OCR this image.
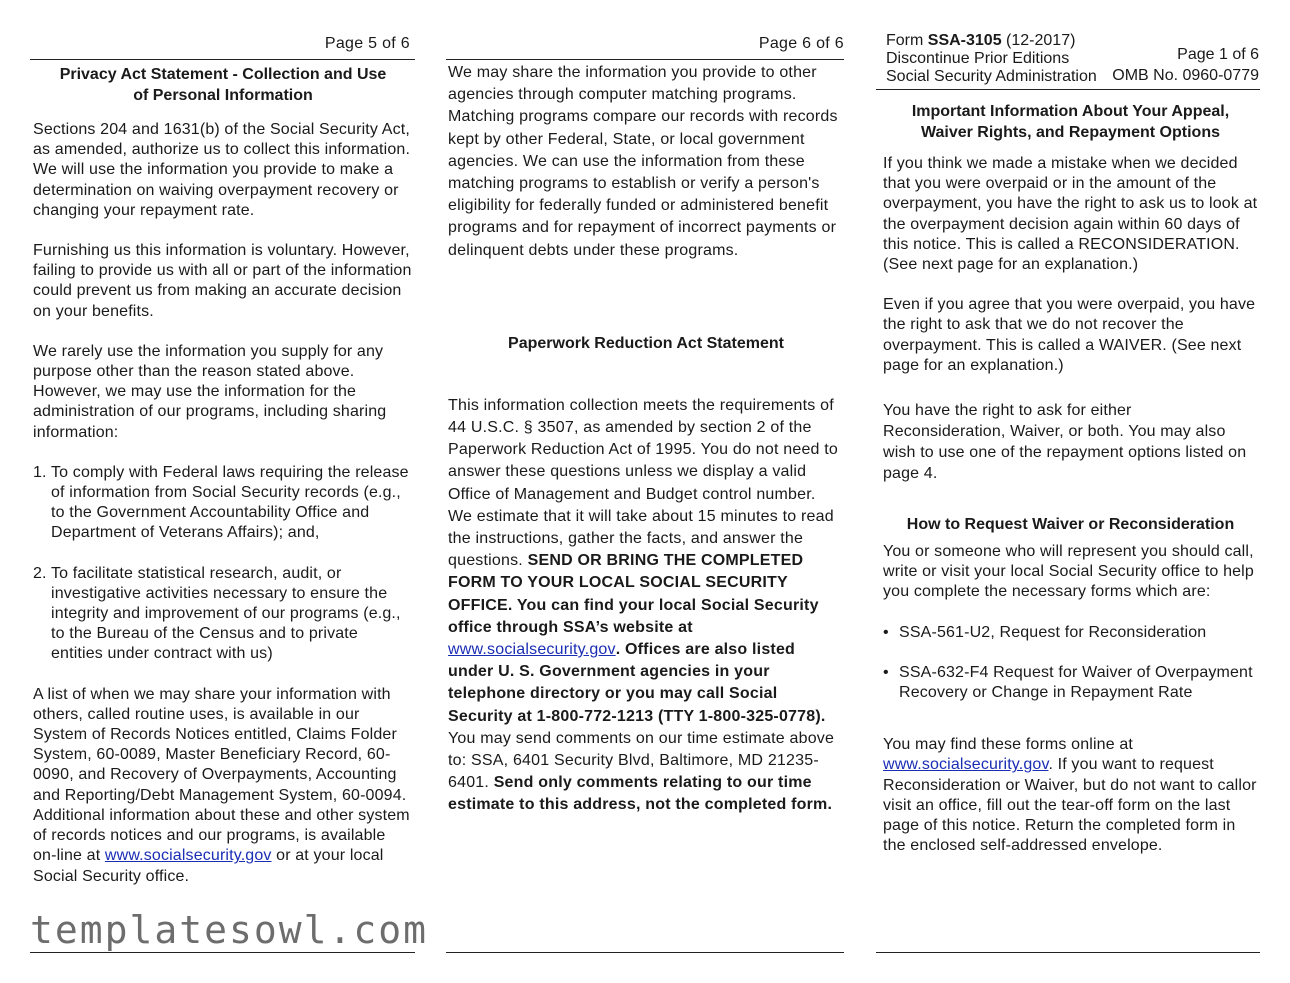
Page 5 of 6
Privacy Act Statement - Collection and Use of Personal Information

Sections 204 and 1631(b) of the Social Security Act, as amended, authorize us to collect this information. We will use the information you provide to make a determination on waiving overpayment recovery or changing your repayment rate.

Furnishing us this information is voluntary. However, failing to provide us with all or part of the information could prevent us from making an accurate decision on your benefits.

We rarely use the information you supply for any purpose other than the reason stated above. However, we may use the information for the administration of our programs, including sharing information:

1. To comply with Federal laws requiring the release of information from Social Security records (e.g., to the Government Accountability Office and Department of Veterans Affairs); and,
2. To facilitate statistical research, audit, or investigative activities necessary to ensure the integrity and improvement of our programs (e.g., to the Bureau of the Census and to private entities under contract with us)

A list of when we may share your information with others, called routine uses, is available in our System of Records Notices entitled, Claims Folder System, 60-0089, Master Beneficiary Record, 60-0090, and Recovery of Overpayments, Accounting and Reporting/Debt Management System, 60-0094. Additional information about these and other system of records notices and our programs, is available on-line at www.socialsecurity.gov or at your local Social Security office.

Page 6 of 6

We may share the information you provide to other agencies through computer matching programs. Matching programs compare our records with records kept by other Federal, State, or local government agencies. We can use the information from these matching programs to establish or verify a person's eligibility for federally funded or administered benefit programs and for repayment of incorrect payments or delinquent debts under these programs.

Paperwork Reduction Act Statement

This information collection meets the requirements of 44 U.S.C. § 3507, as amended by section 2 of the Paperwork Reduction Act of 1995. You do not need to answer these questions unless we display a valid Office of Management and Budget control number. We estimate that it will take about 15 minutes to read the instructions, gather the facts, and answer the questions. SEND OR BRING THE COMPLETED FORM TO YOUR LOCAL SOCIAL SECURITY OFFICE. You can find your local Social Security office through SSA’s website at www.socialsecurity.gov. Offices are also listed under U. S. Government agencies in your telephone directory or you may call Social Security at 1-800-772-1213 (TTY 1-800-325-0778). You may send comments on our time estimate above to: SSA, 6401 Security Blvd, Baltimore, MD 21235-6401. Send only comments relating to our time estimate to this address, not the completed form.

Form SSA-3105 (12-2017)
Discontinue Prior Editions
Social Security Administration
Page 1 of 6
OMB No. 0960-0779
Important Information About Your Appeal, Waiver Rights, and Repayment Options

If you think we made a mistake when we decided that you were overpaid or in the amount of the overpayment, you have the right to ask us to look at the overpayment decision again within 60 days of this notice. This is called a RECONSIDERATION. (See next page for an explanation.)

Even if you agree that you were overpaid, you have the right to ask that we do not recover the overpayment. This is called a WAIVER. (See next page for an explanation.)

You have the right to ask for either Reconsideration, Waiver, or both. You may also wish to use one of the repayment options listed on page 4.

How to Request Waiver or Reconsideration

You or someone who will represent you should call, write or visit your local Social Security office to help you complete the necessary forms which are:

• SSA-561-U2, Request for Reconsideration
• SSA-632-F4 Request for Waiver of Overpayment Recovery or Change in Repayment Rate

You may find these forms online at www.socialsecurity.gov. If you want to request Reconsideration or Waiver, but do not want to callor visit an office, fill out the tear-off form on the last page of this notice. Return the completed form in the enclosed self-addressed envelope.

templatesowl.com
